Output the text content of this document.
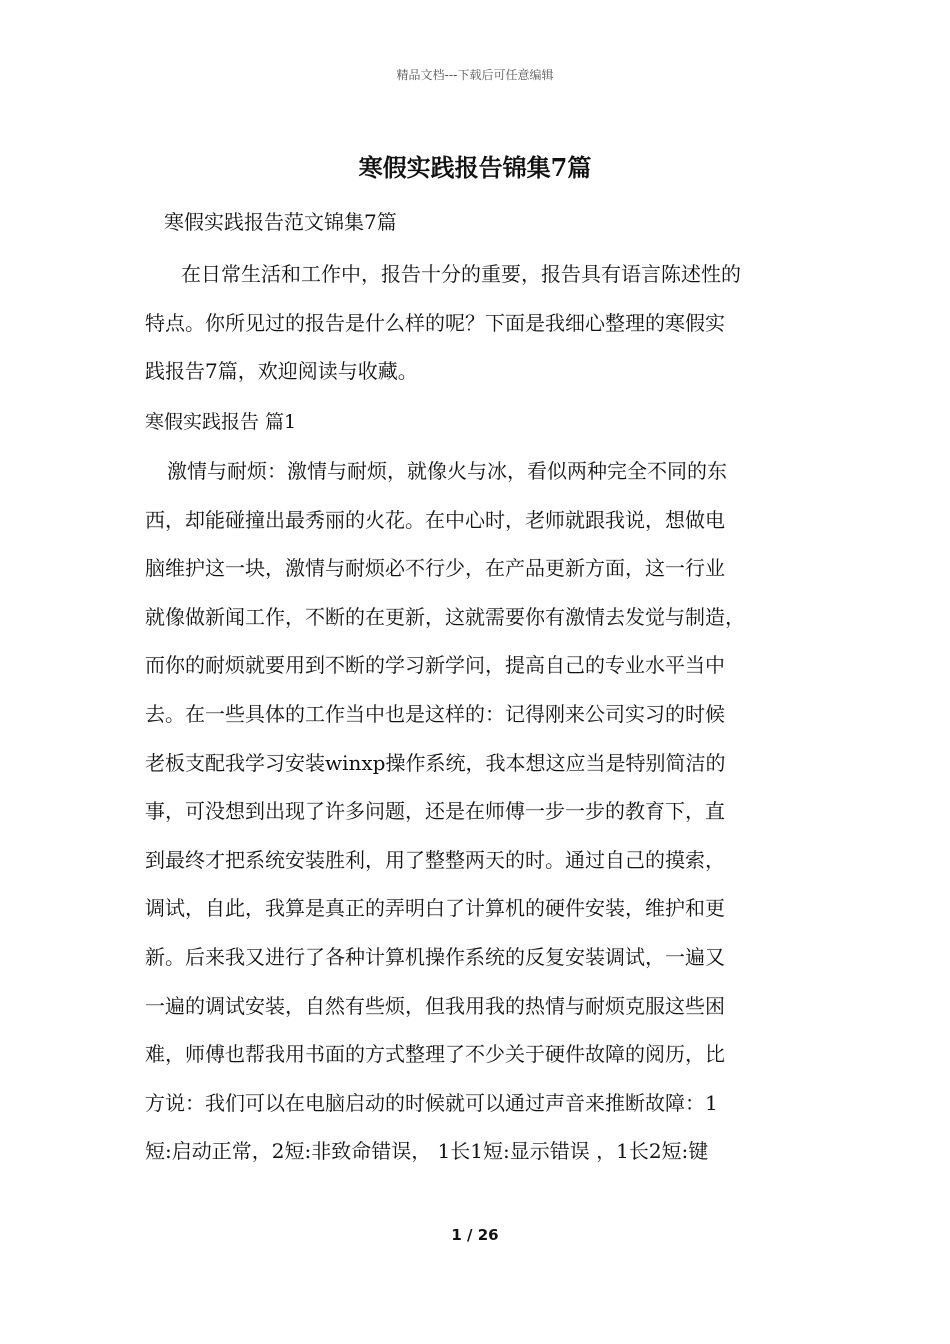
精品文档---下载后可任意编辑
寒假实践报告锦集7篇
寒假实践报告范文锦集7篇
在日常生活和工作中，报告十分的重要，报告具有语言陈述性的
特点。你所见过的报告是什么样的呢？下面是我细心整理的寒假实
践报告7篇，欢迎阅读与收藏。
寒假实践报告 篇1
激情与耐烦：激情与耐烦，就像火与冰，看似两种完全不同的东
西，却能碰撞出最秀丽的火花。在中心时，老师就跟我说，想做电
脑维护这一块，激情与耐烦必不行少，在产品更新方面，这一行业
就像做新闻工作，不断的在更新，这就需要你有激情去发觉与制造，
而你的耐烦就要用到不断的学习新学问，提高自己的专业水平当中
去。在一些具体的工作当中也是这样的：记得刚来公司实习的时候
老板支配我学习安装winxp操作系统，我本想这应当是特别简洁的
事，可没想到出现了许多问题，还是在师傅一步一步的教育下，直
到最终才把系统安装胜利，用了整整两天的时。通过自己的摸索，
调试，自此，我算是真正的弄明白了计算机的硬件安装，维护和更
新。后来我又进行了各种计算机操作系统的反复安装调试，一遍又
一遍的调试安装，自然有些烦，但我用我的热情与耐烦克服这些困
难，师傅也帮我用书面的方式整理了不少关于硬件故障的阅历，比
方说：我们可以在电脑启动的时候就可以通过声音来推断故障：1
短:启动正常，2短:非致命错误， 1长1短:显示错误 ，1长2短:键
1 / 26
